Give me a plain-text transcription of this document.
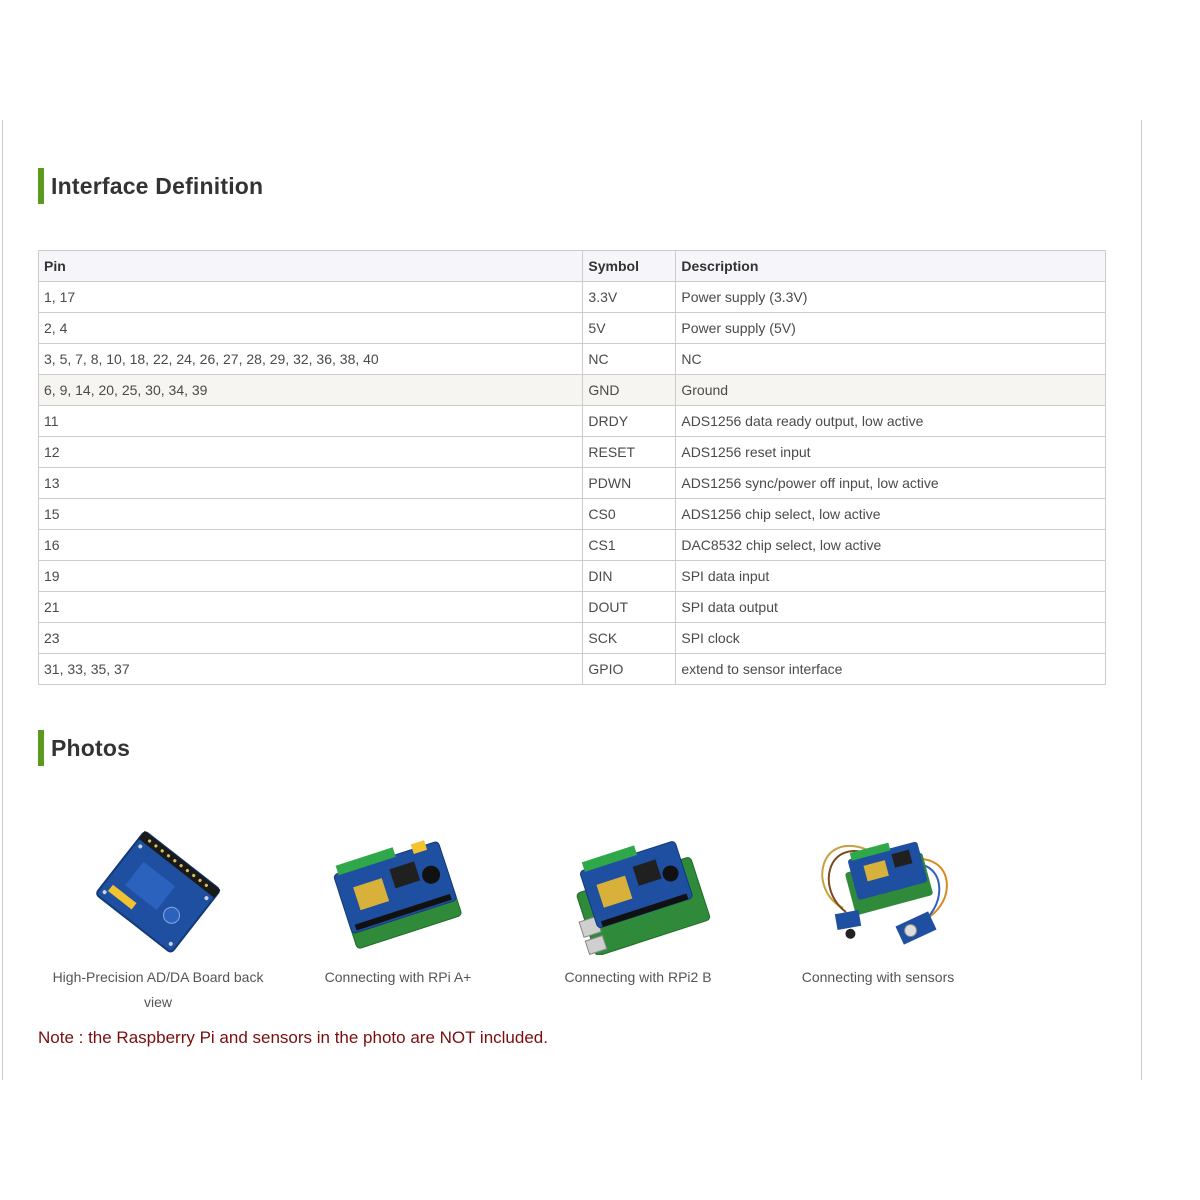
Interface Definition
Pin	Symbol	Description
1, 17	3.3V	Power supply (3.3V)
2, 4	5V	Power supply (5V)
3, 5, 7, 8, 10, 18, 22, 24, 26, 27, 28, 29, 32, 36, 38, 40	NC	NC
6, 9, 14, 20, 25, 30, 34, 39	GND	Ground
11	DRDY	ADS1256 data ready output, low active
12	RESET	ADS1256 reset input
13	PDWN	ADS1256 sync/power off input, low active
15	CS0	ADS1256 chip select, low active
16	CS1	DAC8532 chip select, low active
19	DIN	SPI data input
21	DOUT	SPI data output
23	SCK	SPI clock
31, 33, 35, 37	GPIO	extend to sensor interface
Photos
High-Precision AD/DA Board back view
Connecting with RPi A+	Connecting with RPi2 B	Connecting with sensors
Note : the Raspberry Pi and sensors in the photo are NOT included.
